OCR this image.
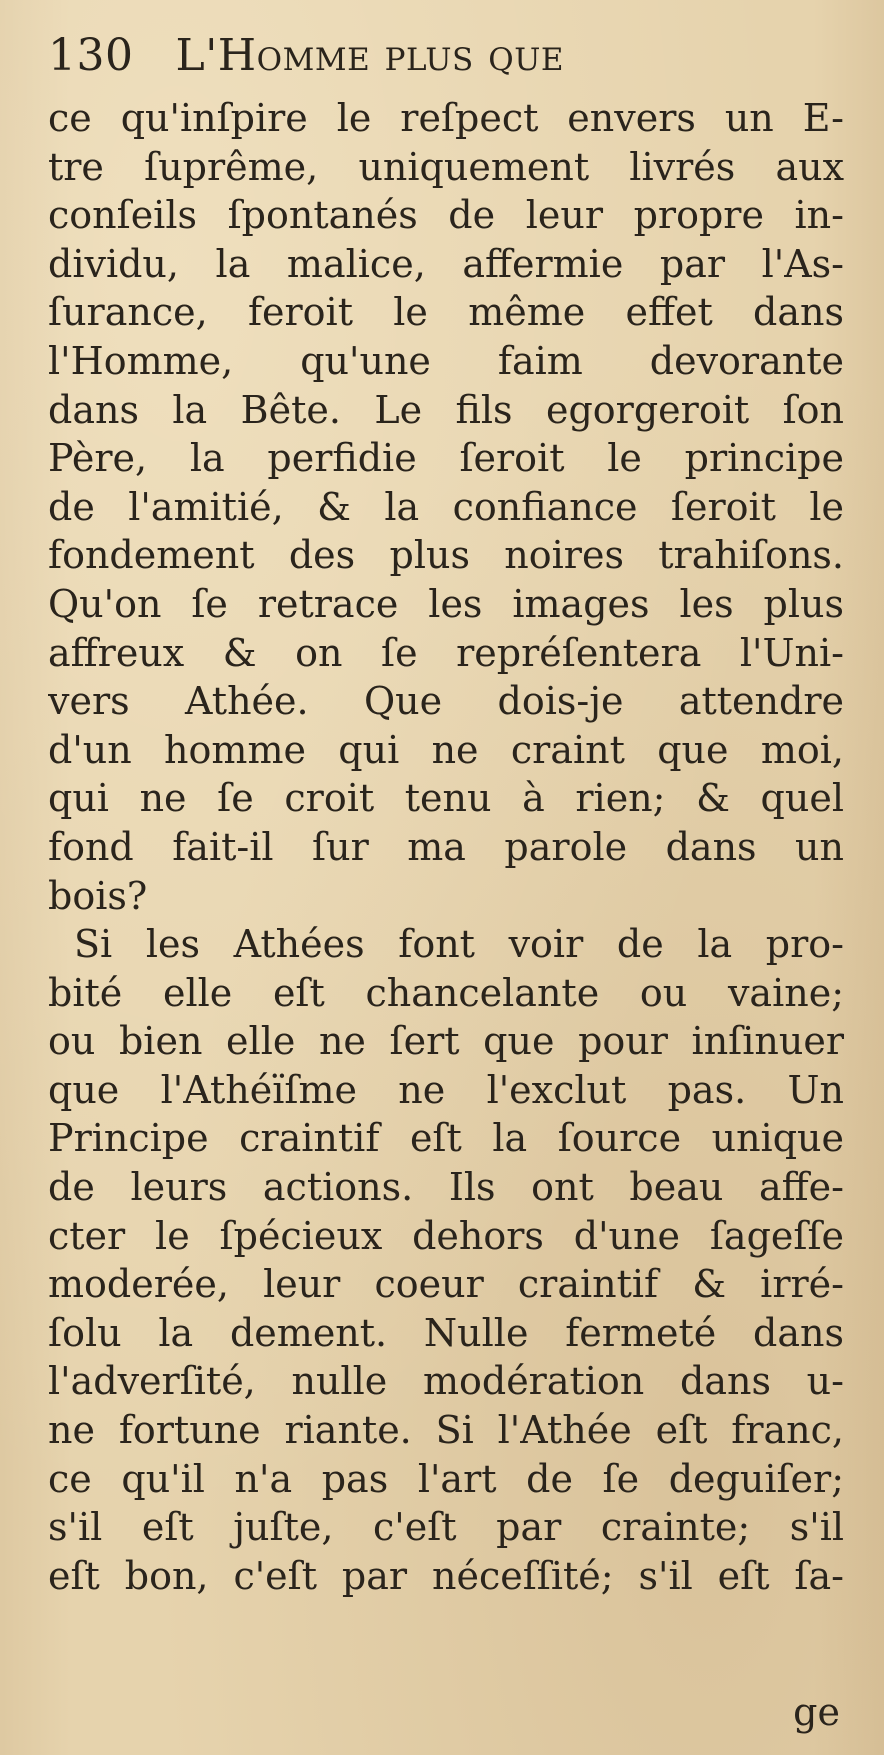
130 L'Homme plus que
ce qu'inſpire le reſpect envers un E-
tre ſuprême, uniquement livrés aux
conſeils ſpontanés de leur propre in-
dividu, la malice, affermie par l'As-
ſurance, feroit le même effet dans
l'Homme, qu'une faim devorante
dans la Bête. Le fils egorgeroit ſon
Père, la perfidie ſeroit le principe
de l'amitié, & la confiance ſeroit le
fondement des plus noires trahiſons.
Qu'on ſe retrace les images les plus
affreux & on ſe repréſentera l'Uni-
vers Athée. Que dois-je attendre
d'un homme qui ne craint que moi,
qui ne ſe croit tenu à rien; & quel
fond fait-il ſur ma parole dans un
bois?
Si les Athées font voir de la pro-
bité elle eſt chancelante ou vaine;
ou bien elle ne ſert que pour inſinuer
que l'Athéïſme ne l'exclut pas. Un
Principe craintif eſt la ſource unique
de leurs actions. Ils ont beau affe-
cter le ſpécieux dehors d'une ſageſſe
moderée, leur coeur craintif & irré-
ſolu la dement. Nulle fermeté dans
l'adverſité, nulle modération dans u-
ne fortune riante. Si l'Athée eſt franc,
ce qu'il n'a pas l'art de ſe deguiſer;
s'il eſt juſte, c'eſt par crainte; s'il
eſt bon, c'eſt par néceſſité; s'il eſt ſa-
ge
